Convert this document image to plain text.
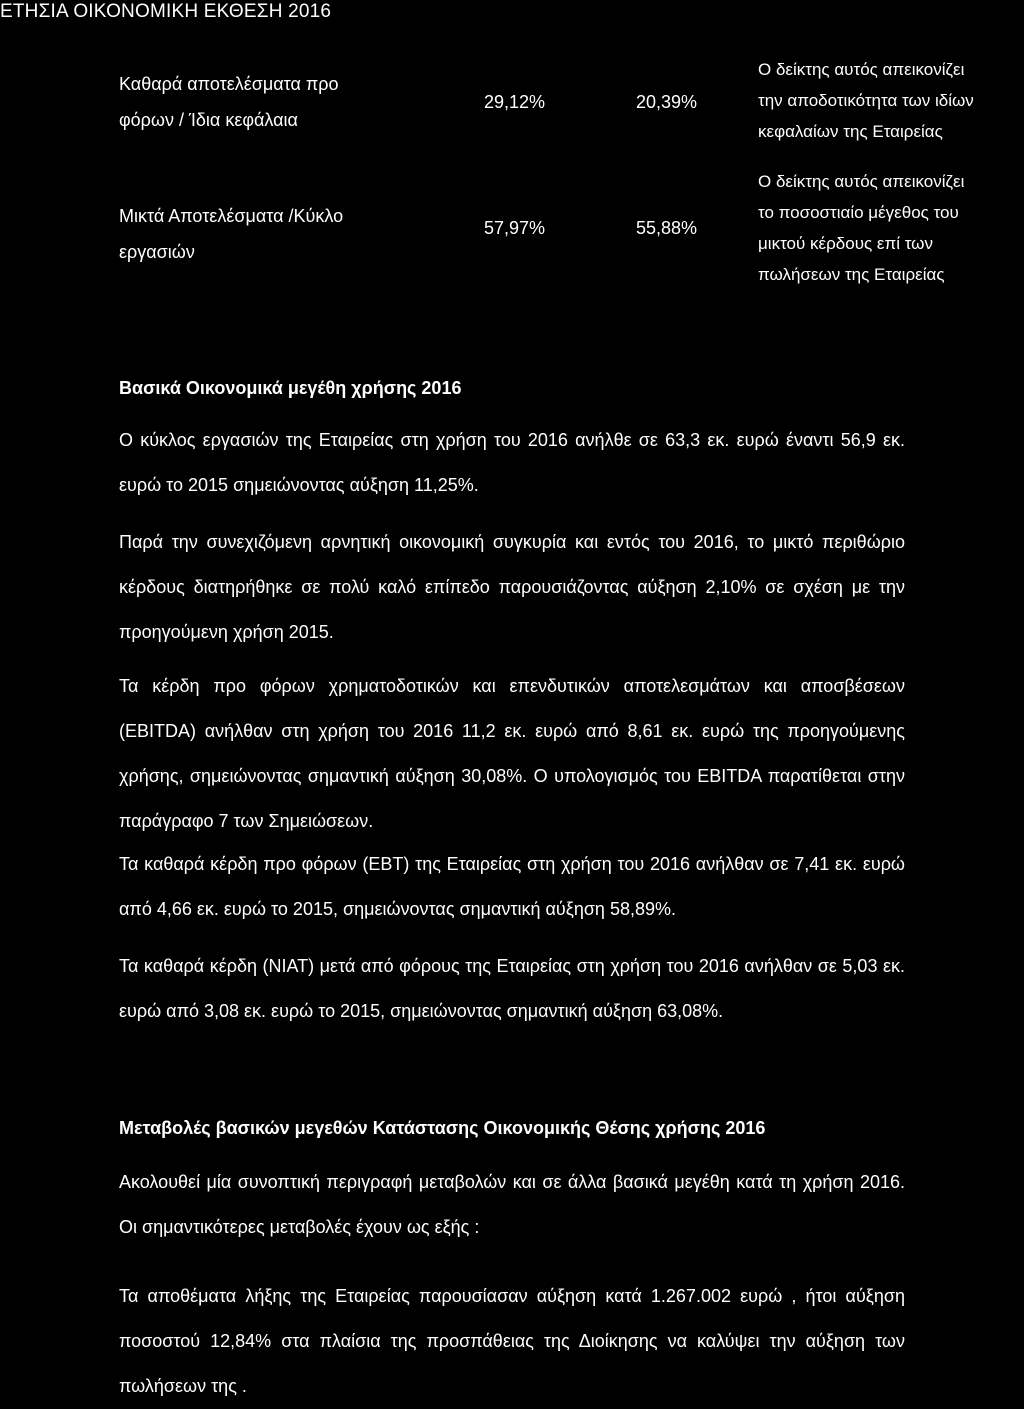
ΕΤΗΣΙΑ ΟΙΚΟΝΟΜΙΚΗ ΕΚΘΕΣΗ 2016
Καθαρά αποτελέσματα προ
φόρων / Ίδια κεφάλαια
29,12%	20,39%
Ο δείκτης αυτός απεικονίζει
την αποδοτικότητα των ιδίων
κεφαλαίων της Εταιρείας
Μικτά Αποτελέσματα /Κύκλο
εργασιών
57,97%	55,88%
Ο δείκτης αυτός απεικονίζει
το ποσοστιαίο μέγεθος του
μικτού κέρδους επί των
πωλήσεων της Εταιρείας
Βασικά Οικονομικά μεγέθη χρήσης 2016
Ο κύκλος εργασιών της Εταιρείας στη χρήση του 2016 ανήλθε σε 63,3 εκ. ευρώ έναντι 56,9 εκ. ευρώ το 2015 σημειώνοντας αύξηση 11,25%.
Παρά την συνεχιζόμενη αρνητική οικονομική συγκυρία και εντός του 2016, το μικτό περιθώριο κέρδους διατηρήθηκε σε πολύ καλό επίπεδο παρουσιάζοντας αύξηση 2,10% σε σχέση με την προηγούμενη χρήση 2015.
Τα κέρδη προ φόρων χρηματοδοτικών και επενδυτικών αποτελεσμάτων και αποσβέσεων (EBITDA) ανήλθαν στη χρήση του 2016 11,2 εκ. ευρώ από 8,61 εκ. ευρώ της προηγούμενης χρήσης, σημειώνοντας σημαντική αύξηση 30,08%. Ο υπολογισμός του EBITDA παρατίθεται στην παράγραφο 7 των Σημειώσεων.
Τα καθαρά κέρδη προ φόρων (EBT) της Εταιρείας στη χρήση του 2016 ανήλθαν σε 7,41 εκ. ευρώ από 4,66 εκ. ευρώ το 2015, σημειώνοντας σημαντική αύξηση 58,89%.
Τα καθαρά κέρδη (NIAT) μετά από φόρους της Εταιρείας στη χρήση του 2016 ανήλθαν σε 5,03 εκ. ευρώ από 3,08 εκ. ευρώ το 2015, σημειώνοντας σημαντική αύξηση 63,08%.
Μεταβολές βασικών μεγεθών Κατάστασης Οικονομικής Θέσης χρήσης 2016
Ακολουθεί μία συνοπτική περιγραφή μεταβολών και σε άλλα βασικά μεγέθη κατά τη χρήση 2016. Οι σημαντικότερες μεταβολές έχουν ως εξής :
Τα αποθέματα λήξης της Εταιρείας παρουσίασαν αύξηση κατά 1.267.002 ευρώ , ήτοι αύξηση ποσοστού 12,84% στα πλαίσια της προσπάθειας της Διοίκησης να καλύψει την αύξηση των πωλήσεων της .
